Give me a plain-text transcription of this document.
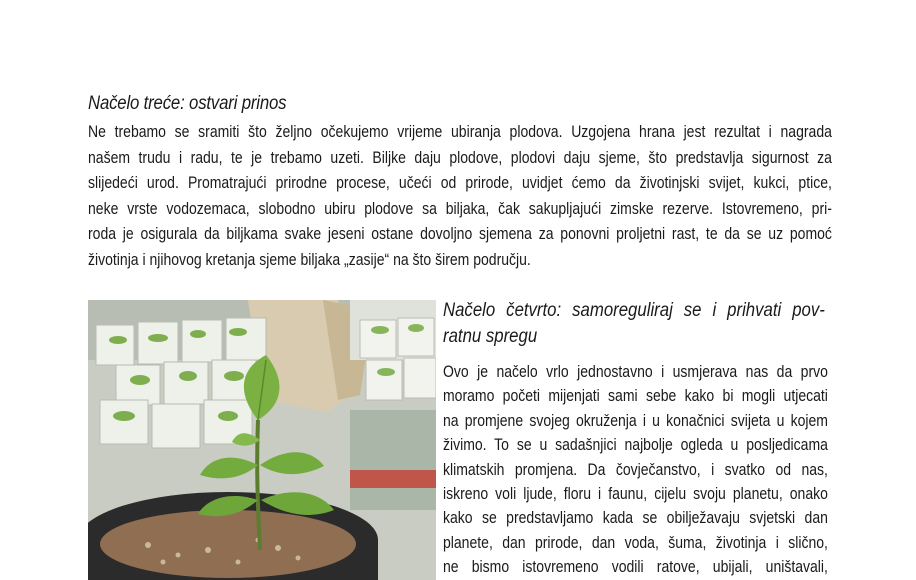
Načelo treće: ostvari prinos
Ne trebamo se sramiti što željno očekujemo vrijeme ubiranja plodova. Uzgojena hrana jest rezultat i nagrada
našem trudu i radu, te je trebamo uzeti. Biljke daju plodove, plodovi daju sjeme, što predstavlja sigurnost za
slijedeći urod. Promatrajući prirodne procese, učeći od prirode, uvidjet ćemo da životinjski svijet, kukci, ptice,
neke vrste vodozemaca, slobodno ubiru plodove sa biljaka, čak sakupljajući zimske rezerve. Istovremeno, pri-
roda je osigurala da biljkama svake jeseni ostane dovoljno sjemena za ponovni proljetni rast, te da se uz pomoć
životinja i njihovog kretanja sjeme biljaka „zasije“ na što širem području.
Načelo četvrto: samoreguliraj se i prihvati pov-
ratnu spregu
Ovo je načelo vrlo jednostavno i usmjerava nas da prvo
moramo početi mijenjati sami sebe kako bi mogli utjecati
na promjene svojeg okruženja i u konačnici svijeta u kojem
živimo. To se u sadašnjici najbolje ogleda u posljedicama
klimatskih promjena. Da čovječanstvo, i svatko od nas,
iskreno voli ljude, floru i faunu, cijelu svoju planetu, onako
kako se predstavljamo kada se obilježavaju svjetski dan
planete, dan prirode, dan voda, šuma, životinja i slično,
ne bismo istovremeno vodili ratove, ubijali, uništavali,
